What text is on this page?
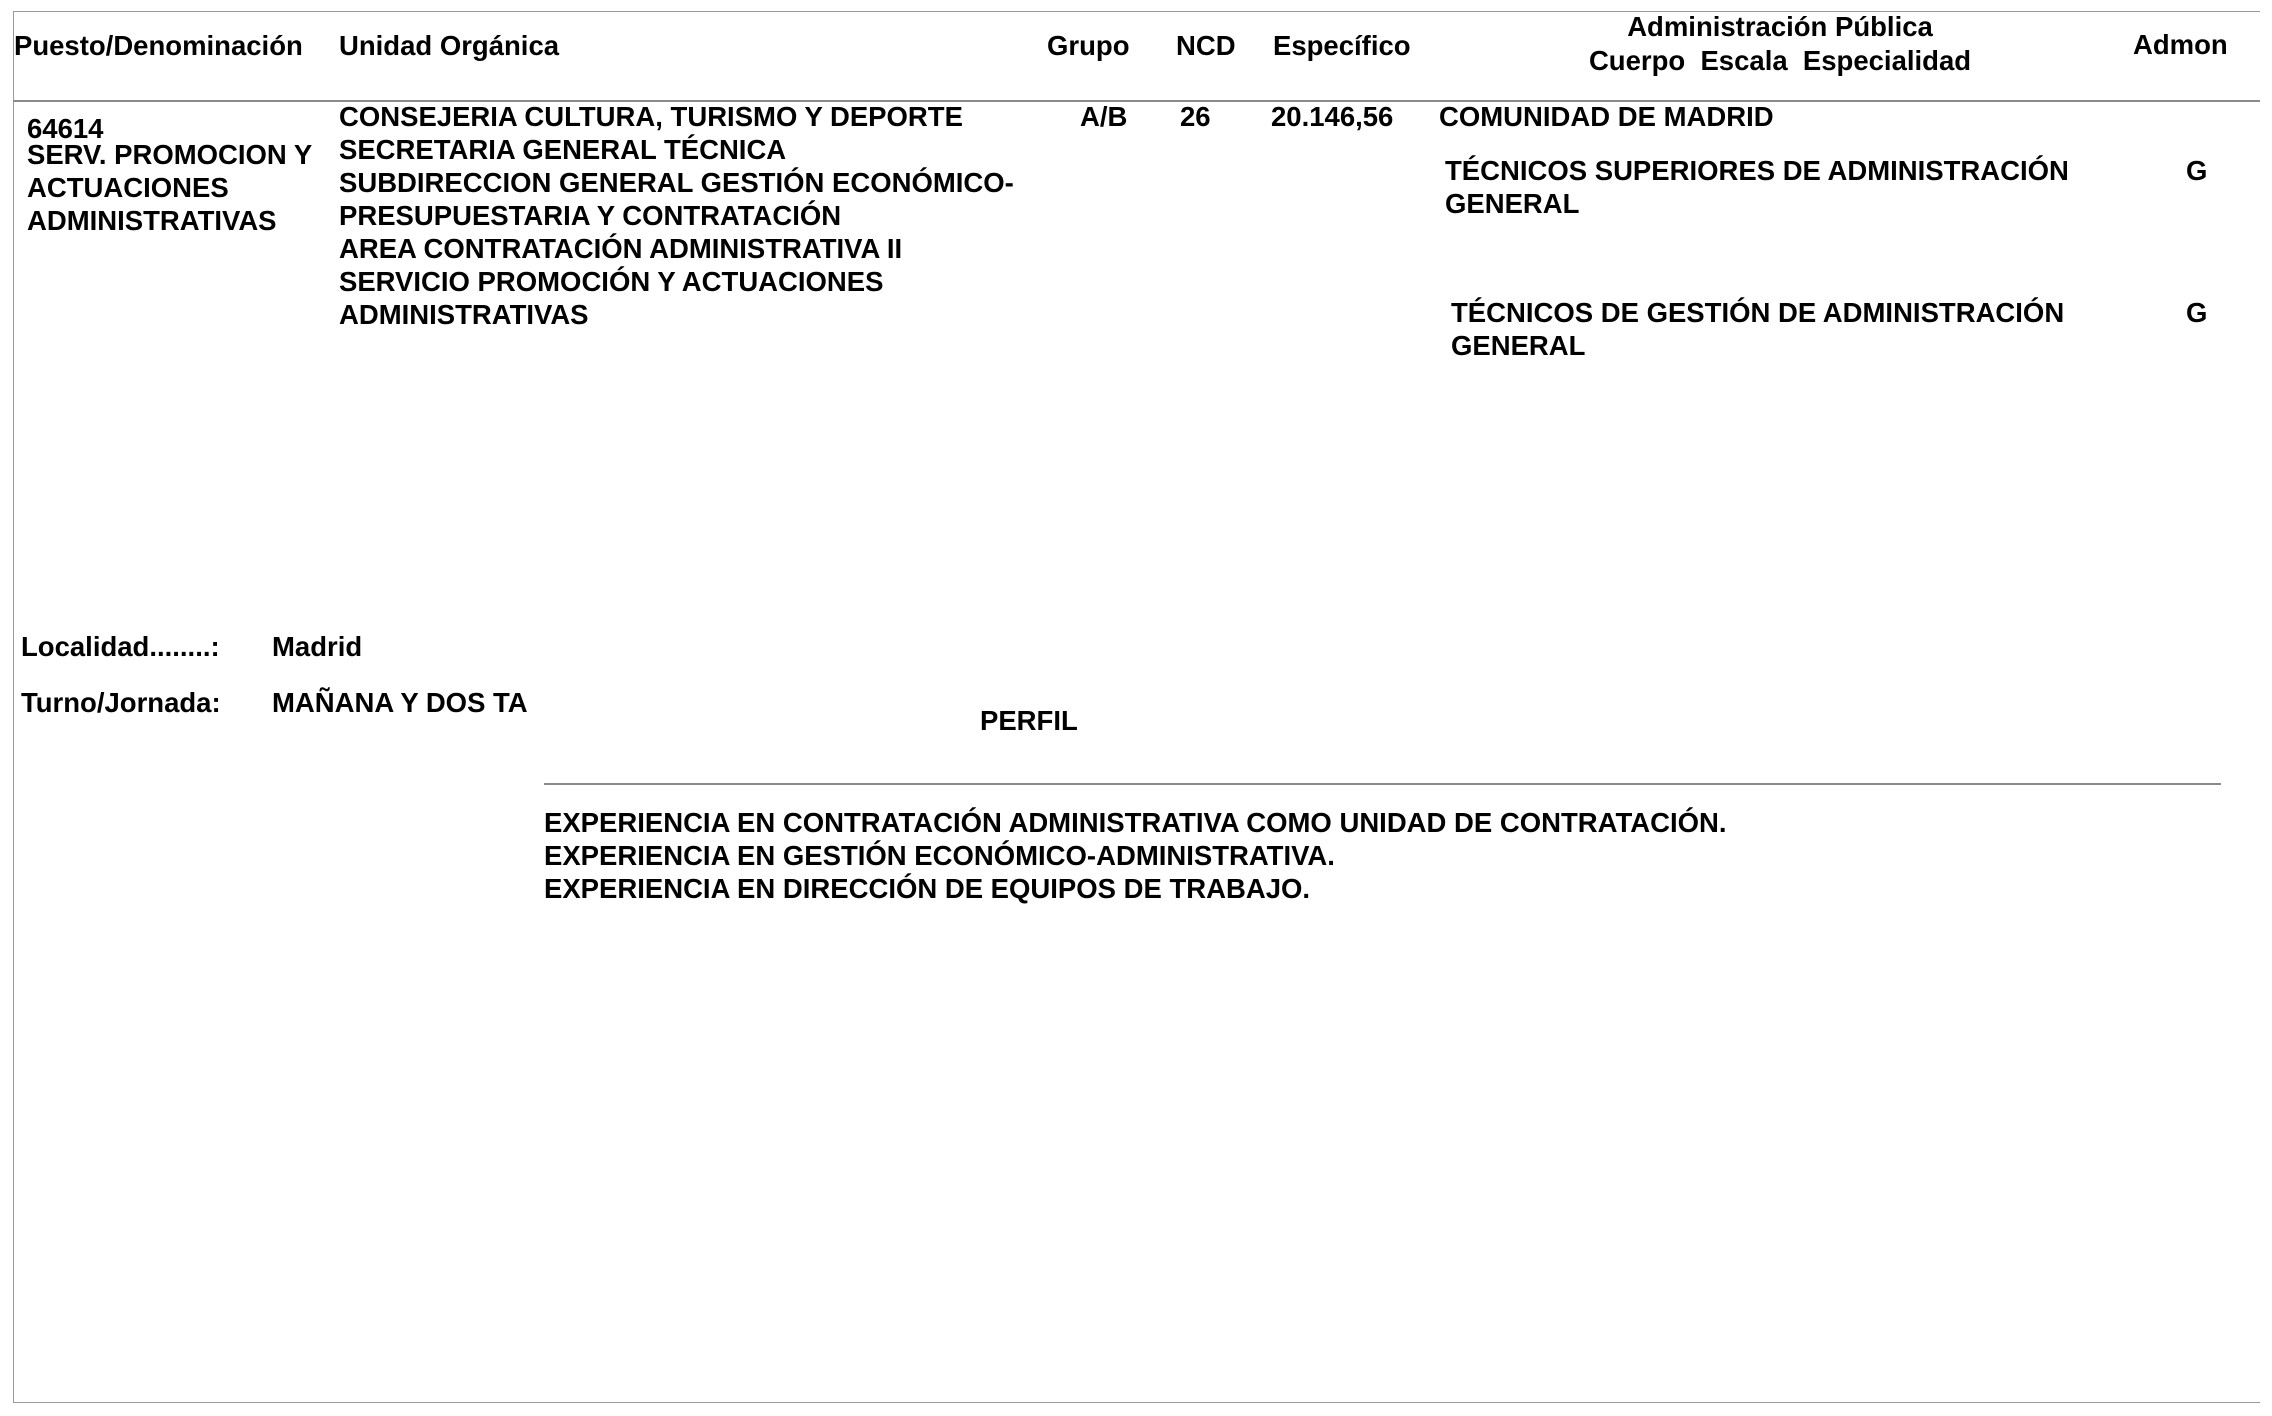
Puesto/Denominación Unidad Orgánica	Grupo NCD Específico
Administración Pública
Cuerpo  Escala  Especialidad
Admon
64614
SERV. PROMOCION Y
ACTUACIONES
ADMINISTRATIVAS
CONSEJERIA CULTURA, TURISMO Y DEPORTE
SECRETARIA GENERAL TÉCNICA
SUBDIRECCION GENERAL GESTIÓN ECONÓMICO-
PRESUPUESTARIA Y CONTRATACIÓN
AREA CONTRATACIÓN ADMINISTRATIVA II
SERVICIO PROMOCIÓN Y ACTUACIONES
ADMINISTRATIVAS
A/B 26 20.146,56 COMUNIDAD DE MADRID
TÉCNICOS SUPERIORES DE ADMINISTRACIÓN
GENERAL
G
TÉCNICOS DE GESTIÓN DE ADMINISTRACIÓN
GENERAL
G
Localidad........: Madrid
Turno/Jornada: MAÑANA Y DOS TA
PERFIL
EXPERIENCIA EN CONTRATACIÓN ADMINISTRATIVA COMO UNIDAD DE CONTRATACIÓN.
EXPERIENCIA EN GESTIÓN ECONÓMICO-ADMINISTRATIVA.
EXPERIENCIA EN DIRECCIÓN DE EQUIPOS DE TRABAJO.
